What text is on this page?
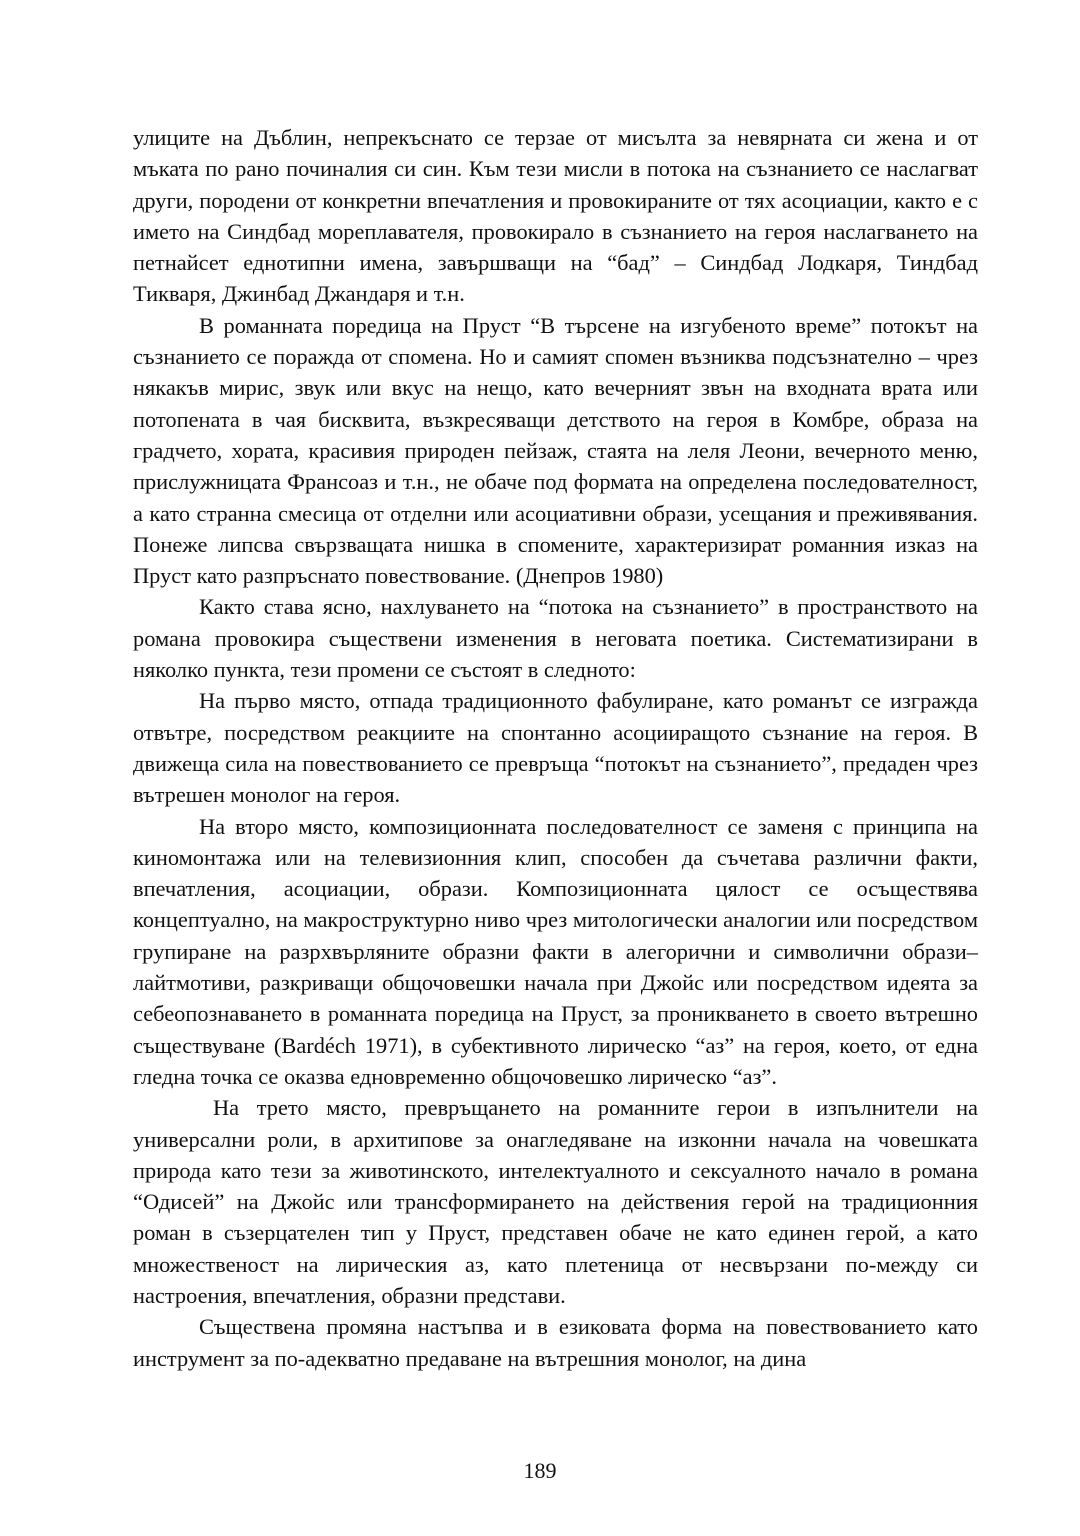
улиците на Дъблин, непрекъснато се терзае от мисълта за невярната си жена и от мъката по рано починалия си син. Към тези мисли в потока на съзнанието се наслагват други, породени от конкретни впечатления и провокираните от тях асоциации, както е с името на Синдбад мореплавателя, провокирало в съзнанието на героя наслагването на петнайсет еднотипни имена, завършващи на “бад” – Синдбад Лодкаря, Тиндбад Тикваря, Джинбад Джандаря и т.н.

В романната поредица на Пруст “В търсене на изгубеното време” потокът на съзнанието се поражда от спомена. Но и самият спомен възниква подсъзнателно – чрез някакъв мирис, звук или вкус на нещо, като вечерният звън на входната врата или потопената в чая бисквита, възкресяващи детството на героя в Комбре, образа на градчето, хората, красивия природен пейзаж, стаята на леля Леони, вечерното меню, прислужницата Франсоаз и т.н., не обаче под формата на определена последователност, а като странна смесица от отделни или асоциативни образи, усещания и преживявания. Понеже липсва свързващата нишка в спомените, характеризират романния изказ на Пруст като разпръснато повествование. (Днепров 1980)

Както става ясно, нахлуването на “потока на съзнанието” в пространството на романа провокира съществени изменения в неговата поетика. Систематизирани в няколко пункта, тези промени се състоят в следното:

На първо място, отпада традиционното фабулиране, като романът се изгражда отвътре, посредством реакциите на спонтанно асоцииращото съзнание на героя. В движеща сила на повествованието се превръща “потокът на съзнанието”, предаден чрез вътрешен монолог на героя.

На второ място, композиционната последователност се заменя с принципа на киномонтажа или на телевизионния клип, способен да съчетава различни факти, впечатления, асоциации, образи. Композиционната цялост се осъществява концептуално, на макроструктурно ниво чрез митологически аналогии или посредством групиране на разрхвърляните образни факти в алегорични и символични образи–лайтмотиви, разкриващи общочовешки начала при Джойс или посредством идеята за себеопознаването в романната поредица на Пруст, за проникването в своето вътрешно съществуване (Bardéch 1971), в субективното лирическо “аз” на героя, което, от една гледна точка се оказва едновременно общочовешко лирическо “аз”.

На трето място, превръщането на романните герои в изпълнители на универсални роли, в архитипове за онагледяване на изконни начала на човешката природа като тези за животинското, интелектуалното и сексуалното начало в романа “Одисей” на Джойс или трансформирането на действения герой на традиционния роман в съзерцателен тип у Пруст, представен обаче не като единен герой, а като множественост на лирическия аз, като плетеница от несвързани по-между си настроения, впечатления, образни представи.

Съществена промяна настъпва и в езиковата форма на повествованието като инструмент за по-адекватно предаване на вътрешния монолог, на дина

189
